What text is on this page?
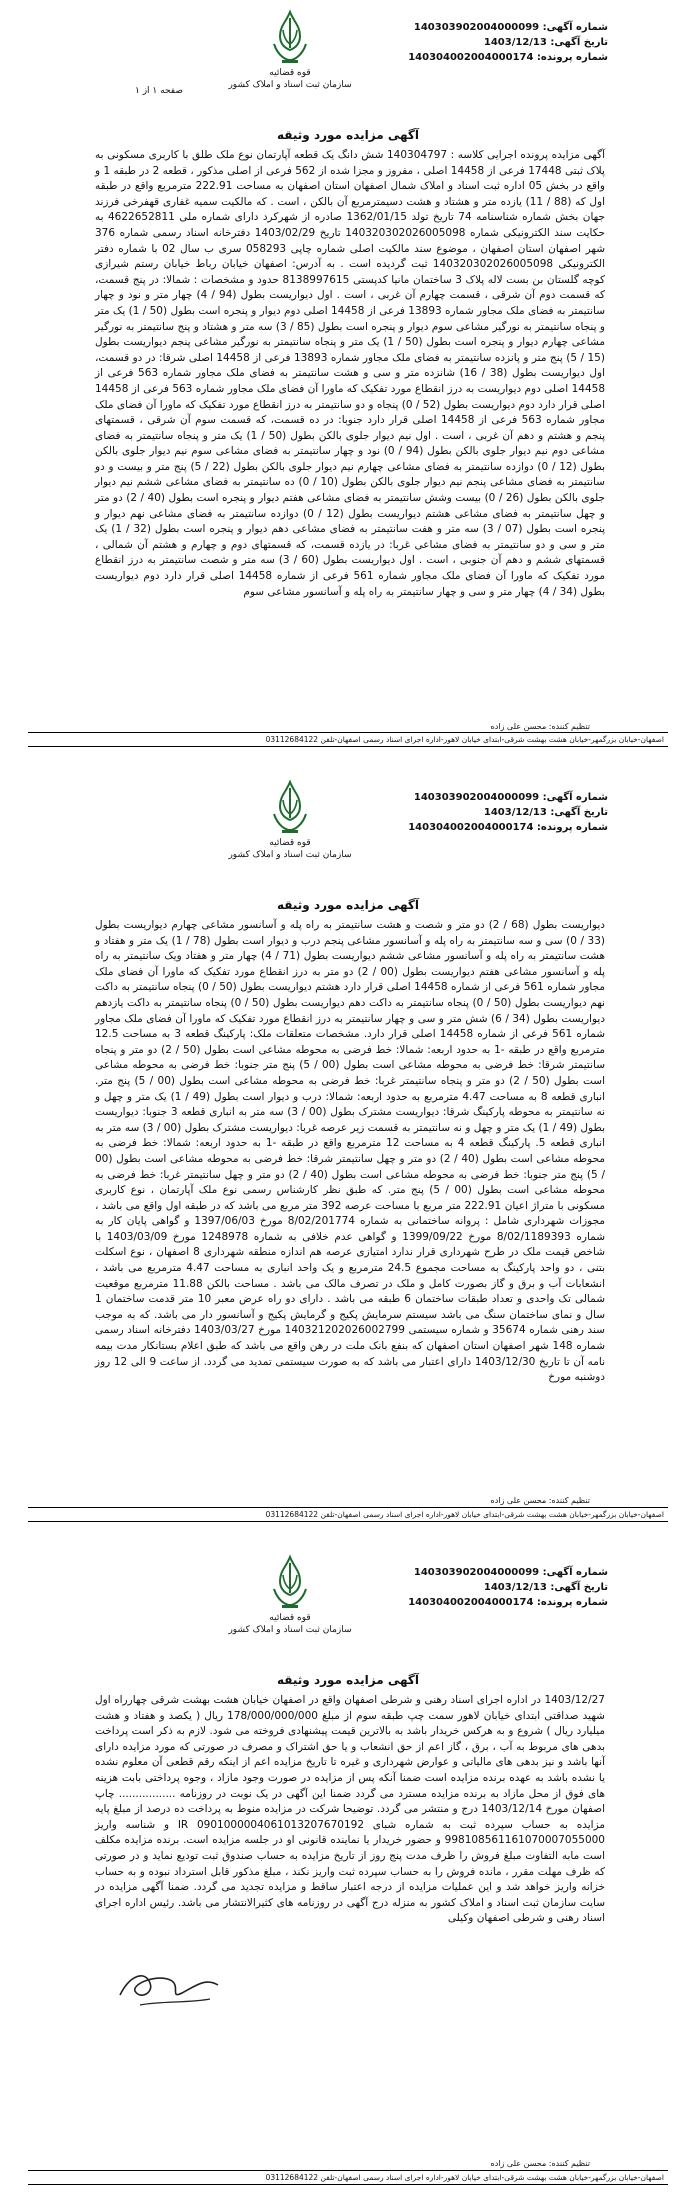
شماره آگهی: 140303902004000099
تاریخ آگهی: 1403/12/13
شماره پرونده: 140304002004000174
قوه قضائیه
سازمان ثبت اسناد و املاک کشور
صفحه ۱ از ۱
آگهی مزایده مورد وثیقه

آگهی مزایده پرونده اجرایی کلاسه : 140304797 شش دانگ یک قطعه آپارتمان نوع ملک طلق با کاربری مسکونی به پلاک ثبتی 17448 فرعی از 14458 اصلی ، مفروز و مجزا شده از 562 فرعی از اصلی مذکور ، قطعه 2 در طبقه 1 و واقع در بخش 05 اداره ثبت اسناد و املاک شمال اصفهان استان اصفهان به مساحت 222.91 مترمربع واقع در طبقه اول که (88 / 11) یازده متر و هشتاد و هشت دسیمترمربع آن بالکن ، است . که مالکیت سمیه غفاری قهفرخی فرزند جهان بخش شماره شناسنامه 74 تاریخ تولد 1362/01/15 صادره از شهرکرد دارای شماره ملی 4622652811 به حکایت سند الکترونیکی شماره 140320302026005098 تاریخ 1403/02/29 دفترخانه اسناد رسمی شماره 376 شهر اصفهان استان اصفهان ، موضوع سند مالکیت اصلی شماره چاپی 058293 سری ب سال 02 با شماره دفتر الکترونیکی 140320302026005098 ثبت گردیده است . به آدرس: اصفهان خیابان رباط خیابان رستم شیرازی کوچه گلستان بن بست لاله پلاک 3 ساختمان مانیا کدپستی 8138997615 حدود و مشخصات : شمالا: در پنج قسمت، که قسمت دوم آن شرقی ، قسمت چهارم آن غربی ، است . اول دیواریست بطول (94 / 4) چهار متر و نود و چهار سانتیمتر به فضای ملک مجاور شماره 13893 فرعی از 14458 اصلی دوم دیوار و پنجره است بطول (50 / 1) یک متر و پنجاه سانتیمتر به نورگیر مشاعی سوم دیوار و پنجره است بطول (85 / 3) سه متر و هشتاد و پنج سانتیمتر به نورگیر مشاعی چهارم دیوار و پنجره است بطول (50 / 1) یک متر و پنجاه سانتیمتر به نورگیر مشاعی پنجم دیواریست بطول (15 / 5) پنج متر و پانزده سانتیمتر به فضای ملک مجاور شماره 13893 فرعی از 14458 اصلی شرقا: در دو قسمت، اول دیواریست بطول (38 / 16) شانزده متر و سی و هشت سانتیمتر به فضای ملک مجاور شماره 563 فرعی از 14458 اصلی دوم دیواریست به درز انقطاع مورد تفکیک که ماورا آن فضای ملک مجاور شماره 563 فرعی از 14458 اصلی قرار دارد دوم دیواریست بطول (52 / 0) پنجاه و دو سانتیمتر به درز انقطاع مورد تفکیک که ماورا آن فضای ملک مجاور شماره 563 فرعی از 14458 اصلی قرار دارد جنوبا: در ده قسمت، که قسمت سوم آن شرقی ، قسمتهای پنجم و هشتم و دهم آن غربی ، است . اول نیم دیوار جلوی بالکن بطول (50 / 1) یک متر و پنجاه سانتیمتر به فضای مشاعی دوم نیم دیوار جلوی بالکن بطول (94 / 0) نود و چهار سانتیمتر به فضای مشاعی سوم نیم دیوار جلوی بالکن بطول (12 / 0) دوازده سانتیمتر به فضای مشاعی چهارم نیم دیوار جلوی بالکن بطول (22 / 5) پنج متر و بیست و دو سانتیمتر به فضای مشاعی پنجم نیم دیوار جلوی بالکن بطول (10 / 0) ده سانتیمتر به فضای مشاعی ششم نیم دیوار جلوی بالکن بطول (26 / 0) بیست وشش سانتیمتر به فضای مشاعی هفتم دیوار و پنجره است بطول (40 / 2) دو متر و چهل سانتیمتر به فضای مشاعی هشتم دیواریست بطول (12 / 0) دوازده سانتیمتر به فضای مشاعی نهم دیوار و پنجره است بطول (07 / 3) سه متر و هفت سانتیمتر به فضای مشاعی دهم دیوار و پنجره است بطول (32 / 1) یک متر و سی و دو سانتیمتر به فضای مشاعی غربا: در یازده قسمت، که قسمتهای دوم و چهارم و هشتم آن شمالی ، قسمتهای ششم و دهم آن جنوبی ، است . اول دیواریست بطول (60 / 3) سه متر و شصت سانتیمتر به درز انقطاع مورد تفکیک که ماورا آن فضای ملک مجاور شماره 561 فرعی از شماره 14458 اصلی قرار دارد دوم دیواریست بطول (34 / 4) چهار متر و سی و چهار سانتیمتر به راه پله و آسانسور مشاعی سوم

تنظیم کننده: محسن علی زاده
اصفهان-خیابان بزرگمهر-خیابان هشت بهشت شرقی-ابتدای خیابان لاهور-اداره اجرای اسناد رسمی اصفهان-تلفن 03112684122
شماره آگهی: 140303902004000099
تاریخ آگهی: 1403/12/13
شماره پرونده: 140304002004000174
قوه قضائیه
سازمان ثبت اسناد و املاک کشور
آگهی مزایده مورد وثیقه

دیواریست بطول (68 / 2) دو متر و شصت و هشت سانتیمتر به راه پله و آسانسور مشاعی چهارم دیواریست بطول (33 / 0) سی و سه سانتیمتر به راه پله و آسانسور مشاعی پنجم درب و دیوار است بطول (78 / 1) یک متر و هفتاد و هشت سانتیمتر به راه پله و آسانسور مشاعی ششم دیواریست بطول (71 / 4) چهار متر و هفتاد ویک سانتیمتر به راه پله و آسانسور مشاعی هفتم دیواریست بطول (00 / 2) دو متر به درز انقطاع مورد تفکیک که ماورا آن فضای ملک مجاور شماره 561 فرعی از شماره 14458 اصلی قرار دارد هشتم دیواریست بطول (50 / 0) پنجاه سانتیمتر به داکت نهم دیواریست بطول (50 / 0) پنجاه سانتیمتر به داکت دهم دیواریست بطول (50 / 0) پنجاه سانتیمتر به داکت یازدهم دیواریست بطول (34 / 6) شش متر و سی و چهار سانتیمتر به درز انقطاع مورد تفکیک که ماورا آن فضای ملک مجاور شماره 561 فرعی از شماره 14458 اصلی قرار دارد. مشخصات متعلقات ملک: پارکینگ قطعه 3 به مساحت 12.5 مترمربع واقع در طبقه -1 به حدود اربعه: شمالا: خط فرضی به محوطه مشاعی است بطول (50 / 2) دو متر و پنجاه سانتیمتر شرقا: خط فرضی به محوطه مشاعی است بطول (00 / 5) پنج متر جنوبا: خط فرضی به محوطه مشاعی است بطول (50 / 2) دو متر و پنجاه سانتیمتر غربا: خط فرضی به محوطه مشاعی است بطول (00 / 5) پنج متر. انباری قطعه 8 به مساحت 4.47 مترمربع به حدود اربعه: شمالا: درب و دیوار است بطول (49 / 1) یک متر و چهل و نه سانتیمتر به محوطه پارکینگ شرقا: دیواریست مشترک بطول (00 / 3) سه متر به انباری قطعه 3 جنوبا: دیواریست بطول (49 / 1) یک متر و چهل و نه سانتیمتر به قسمت زیر عرصه غربا: دیواریست مشترک بطول (00 / 3) سه متر به انباری قطعه 5. پارکینگ قطعه 4 به مساحت 12 مترمربع واقع در طبقه -1 به حدود اربعه: شمالا: خط فرضی به محوطه مشاعی است بطول (40 / 2) دو متر و چهل سانتیمتر شرقا: خط فرضی به محوطه مشاعی است بطول (00 / 5) پنج متر جنوبا: خط فرضی به محوطه مشاعی است بطول (40 / 2) دو متر و چهل سانتیمتر غربا: خط فرضی به محوطه مشاعی است بطول (00 / 5) پنج متر. که طبق نظر کارشناس رسمی نوع ملک آپارتمان ، نوع کاربری مسکونی با متراژ اعیان 222.91 متر مربع با مساحت عرصه 392 متر مربع می باشد که در طبقه اول واقع می باشد ، مجوزات شهرداری شامل : پروانه ساختمانی به شماره 8/02/201774 مورخ 1397/06/03 و گواهی پایان کار به شماره 8/02/1189393 مورخ 1399/09/22 و گواهی عدم خلافی به شماره 1248978 مورخ 1403/03/09 با شاخص قیمت ملک در طرح شهرداری قرار ندارد امتیازی عرصه هم اندازه منطقه شهرداری 8 اصفهان ، نوع اسکلت بتنی ، دو واحد پارکینگ به مساحت مجموع 24.5 مترمربع و یک واحد انباری به مساحت 4.47 مترمربع می باشد ، انشعابات آب و برق و گاز بصورت کامل و ملک در تصرف مالک می باشد . مساحت بالکن 11.88 مترمربع موقعیت شمالی تک واحدی و تعداد طبقات ساختمان 6 طبقه می باشد . دارای دو راه عرض معبر 10 متر قدمت ساختمان 1 سال و نمای ساختمان سنگ می باشد سیستم سرمایش پکیج و گرمایش پکیج و آسانسور دار می باشد. که به موجب سند رهنی شماره 35674 و شماره سیستمی 140321202026002799 مورخ 1403/03/27 دفترخانه اسناد رسمی شماره 148 شهر اصفهان استان اصفهان که بنفع بانک ملت در رهن واقع می باشد که طبق اعلام بستانکار مدت بیمه نامه آن تا تاریخ 1403/12/30 دارای اعتبار می باشد که به صورت سیستمی تمدید می گردد. از ساعت 9 الی 12 روز دوشنبه مورخ

تنظیم کننده: محسن علی زاده
اصفهان-خیابان بزرگمهر-خیابان هشت بهشت شرقی-ابتدای خیابان لاهور-اداره اجرای اسناد رسمی اصفهان-تلفن 03112684122
شماره آگهی: 140303902004000099
تاریخ آگهی: 1403/12/13
شماره پرونده: 140304002004000174
قوه قضائیه
سازمان ثبت اسناد و املاک کشور
آگهی مزایده مورد وثیقه

1403/12/27 در اداره اجرای اسناد رهنی و شرطی اصفهان واقع در اصفهان خیابان هشت بهشت شرقی چهارراه اول شهید صداقتی ابتدای خیابان لاهور سمت چپ طبقه سوم از مبلغ 178/000/000/000 ریال ( یکصد و هفتاد و هشت میلیارد ریال ) شروع و به هرکس خریدار باشد به بالاترین قیمت پیشنهادی فروخته می شود. لازم به ذکر است پرداخت بدهی های مربوط به آب ، برق ، گاز اعم از حق انشعاب و یا حق اشتراک و مصرف در صورتی که مورد مزایده دارای آنها باشد و نیز بدهی های مالیاتی و عوارض شهرداری و غیره تا تاریخ مزایده اعم از اینکه رقم قطعی آن معلوم نشده یا نشده باشد به عهده برنده مزایده است ضمنا آنکه پس از مزایده در صورت وجود مازاد ، وجوه پرداختی بابت هزینه های فوق از محل مازاد به برنده مزایده مسترد می گردد ضمنا این آگهی در یک نوبت در روزنامه ................. چاپ اصفهان مورخ 1403/12/14 درج و منتشر می گردد. توضیحا شرکت در مزایده منوط به پرداخت ده درصد از مبلغ پایه مزایده به حساب سپرده ثبت به شماره شبای IR 0901000004061013207670192 و شناسه واریز 998108561161070007055000 و حضور خریدار یا نماینده قانونی او در جلسه مزایده است. برنده مزایده مکلف است مابه التفاوت مبلغ فروش را ظرف مدت پنج روز از تاریخ مزایده به حساب صندوق ثبت تودیع نماید و در صورتی که ظرف مهلت مقرر ، مانده فروش را به حساب سپرده ثبت واریز نکند ، مبلغ مذکور قابل استرداد نبوده و به حساب خزانه واریز خواهد شد و این عملیات مزایده از درجه اعتبار ساقط و مزایده تجدید می گردد. ضمنا آگهی مزایده در سایت سازمان ثبت اسناد و املاک کشور به منزله درج آگهی در روزنامه های کثیرالانتشار می باشد. رئیس اداره اجرای اسناد رهنی و شرطی اصفهان وکیلی

تنظیم کننده: محسن علی زاده
اصفهان-خیابان بزرگمهر-خیابان هشت بهشت شرقی-ابتدای خیابان لاهور-اداره اجرای اسناد رسمی اصفهان-تلفن 03112684122
